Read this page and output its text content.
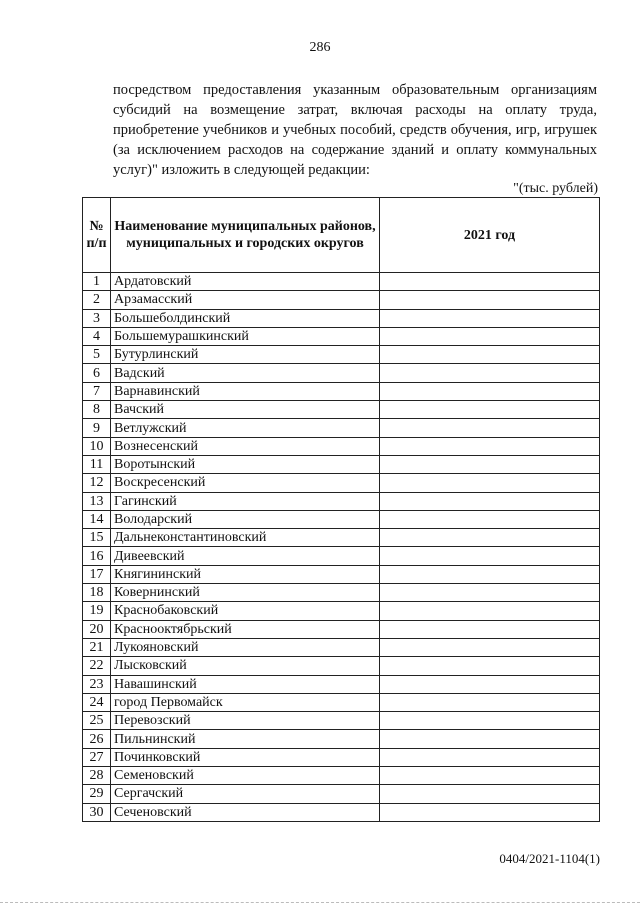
286
посредством предоставления указанным образовательным организациям субсидий на возмещение затрат, включая расходы на оплату труда, приобретение учебников и учебных пособий, средств обучения, игр, игрушек (за исключением расходов на содержание зданий и оплату коммунальных услуг)" изложить в следующей редакции:
"(тыс. рублей)
№ п/п	Наименование муниципальных районов, муниципальных и городских округов	2021 год
1	Ардатовский	
2	Арзамасский	
3	Большеболдинский	
4	Большемурашкинский	
5	Бутурлинский	
6	Вадский	
7	Варнавинский	
8	Вачский	
9	Ветлужский	
10	Вознесенский	
11	Воротынский	
12	Воскресенский	
13	Гагинский	
14	Володарский	
15	Дальнеконстантиновский	
16	Дивеевский	
17	Княгининский	
18	Ковернинский	
19	Краснобаковский	
20	Краснооктябрьский	
21	Лукояновский	
22	Лысковский	
23	Навашинский	
24	город Первомайск	
25	Перевозский	
26	Пильнинский	
27	Починковский	
28	Семеновский	
29	Сергачский	
30	Сеченовский	
0404/2021-1104(1)
